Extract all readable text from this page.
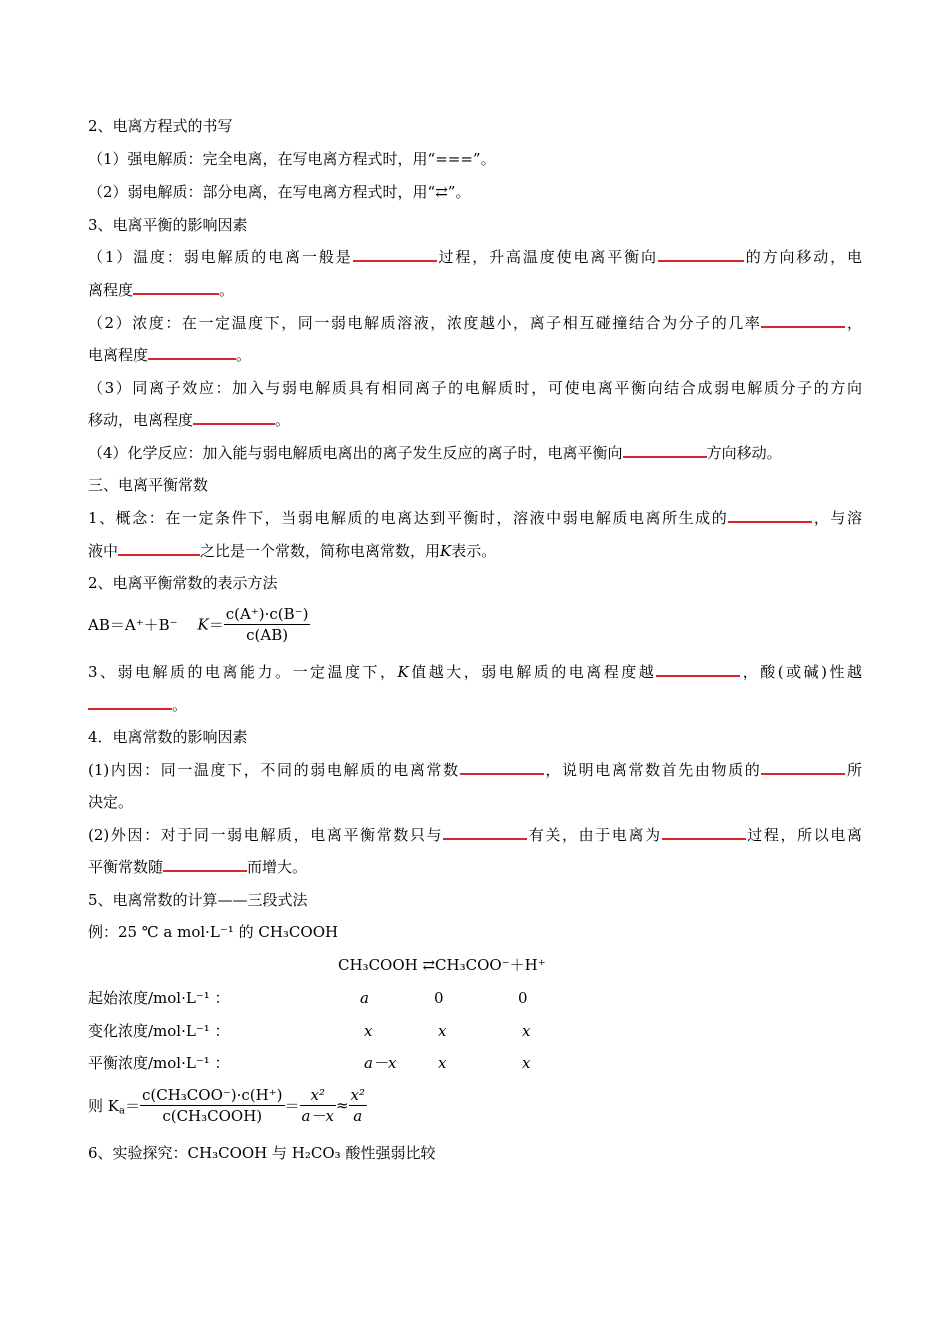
2、电离方程式的书写
（1）强电解质：完全电离，在写电离方程式时，用“===”。
（2）弱电解质：部分电离，在写电离方程式时，用“⇄”。
3、电离平衡的影响因素
（1）温度：弱电解质的电离一般是	过程，升高温度使电离平衡向	的方向移动，电
离程度	。
（2）浓度：在一定温度下，同一弱电解质溶液，浓度越小，离子相互碰撞结合为分子的几率	，
电离程度	。
（3）同离子效应：加入与弱电解质具有相同离子的电解质时，可使电离平衡向结合成弱电解质分子的方向
移动，电离程度	。
（4）化学反应：加入能与弱电解质电离出的离子发生反应的离子时，电离平衡向	方向移动。
三、电离平衡常数
1、概念：在一定条件下，当弱电解质的电离达到平衡时，溶液中弱电解质电离所生成的	，与溶
液中	之比是一个常数，简称电离常数，用K表示。
2、电离平衡常数的表示方法
AB＝A⁺＋B⁻ $K= \frac{c(A^+)\cdot c(B^-)}{c(AB)}$
3、弱电解质的电离能力。一定温度下，K值越大，弱电解质的电离程度越	，酸(或碱)性越
。
4．电离常数的影响因素
(1)内因：同一温度下，不同的弱电解质的电离常数	，说明电离常数首先由物质的	所
决定。
(2)外因：对于同一弱电解质，电离平衡常数只与	有关，由于电离为	过程，所以电离
平衡常数随	而增大。
5、电离常数的计算——三段式法
例：25 ℃ a mol·L⁻¹ 的 CH₃COOH
CH₃COOH ⇄CH₃COO⁻＋H⁺
起始浓度/mol·L⁻¹ ：	a	0	0
变化浓度/mol·L⁻¹ ：	x	x	x
平衡浓度/mol·L⁻¹ ：	a－x	x	x
则 $K_a= \frac{\text{c(CH₃COO⁻)·c(H⁺)}}{\text{c(CH₃COOH)}} = \frac{\text{x²}}{a-x} \approx \frac{\text{x²}}{a}$
6、实验探究：CH₃COOH 与 H₂CO₃ 酸性强弱比较
